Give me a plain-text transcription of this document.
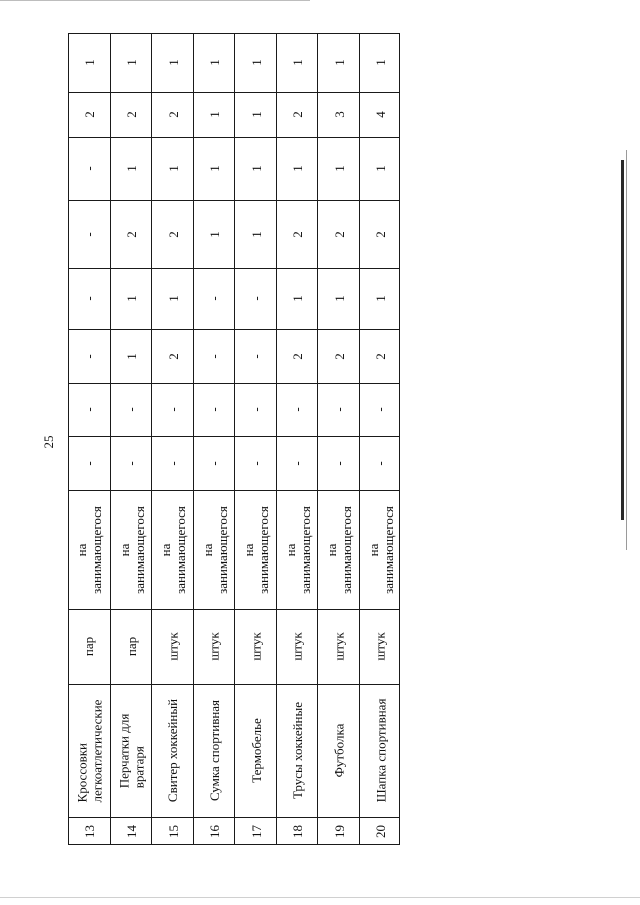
25
1
2
-
-
-
-
-
-
на занимающегося
пар
Кроссовки легкоатлетические
13
1
2
1
2
1
1
-
-
на занимающегося
пар
Перчатки для вратаря
14
1
2
1
2
1
2
-
-
на занимающегося
штук
Свитер хоккейный
15
1
1
1
1
-
-
-
-
на занимающегося
штук
Сумка спортивная
16
1
1
1
1
-
-
-
-
на занимающегося
штук
Термобелье
17
1
2
1
2
1
2
-
-
на занимающегося
штук
Трусы хоккейные
18
1
3
1
2
1
2
-
-
на занимающегося
штук
Футболка
19
1
4
1
2
1
2
-
-
на занимающегося
штук
Шапка спортивная
20
